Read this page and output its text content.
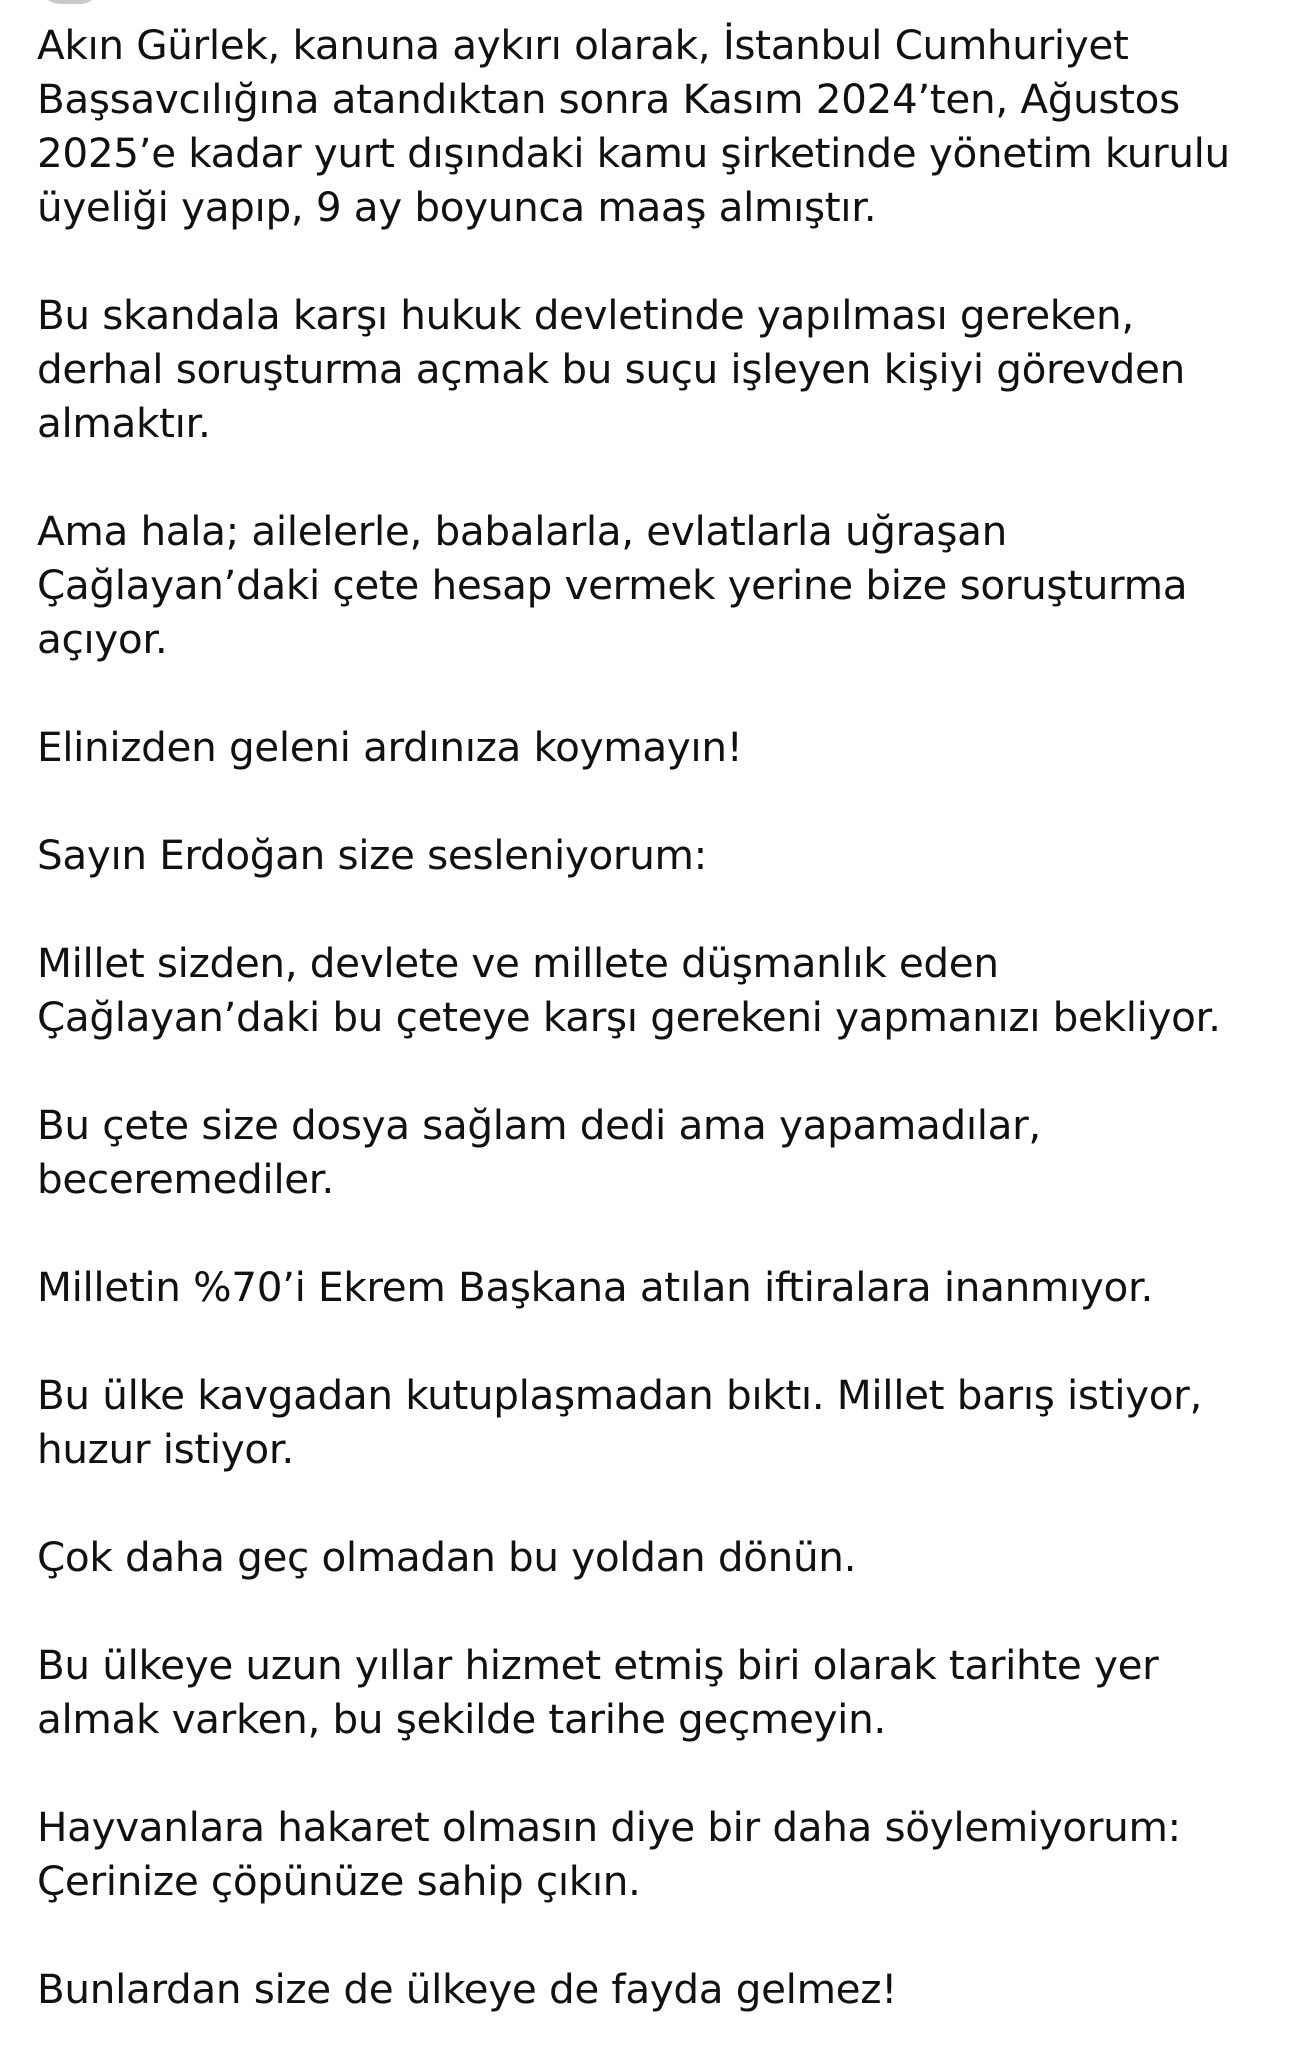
Akın Gürlek, kanuna aykırı olarak, İstanbul Cumhuriyet
Başsavcılığına atandıktan sonra Kasım 2024’ten, Ağustos
2025’e kadar yurt dışındaki kamu şirketinde yönetim kurulu
üyeliği yapıp, 9 ay boyunca maaş almıştır.

Bu skandala karşı hukuk devletinde yapılması gereken,
derhal soruşturma açmak bu suçu işleyen kişiyi görevden
almaktır.

Ama hala; ailelerle, babalarla, evlatlarla uğraşan
Çağlayan’daki çete hesap vermek yerine bize soruşturma
açıyor.

Elinizden geleni ardınıza koymayın!

Sayın Erdoğan size sesleniyorum:

Millet sizden, devlete ve millete düşmanlık eden
Çağlayan’daki bu çeteye karşı gerekeni yapmanızı bekliyor.

Bu çete size dosya sağlam dedi ama yapamadılar,
beceremediler.

Milletin %70’i Ekrem Başkana atılan iftiralara inanmıyor.

Bu ülke kavgadan kutuplaşmadan bıktı. Millet barış istiyor,
huzur istiyor.

Çok daha geç olmadan bu yoldan dönün.

Bu ülkeye uzun yıllar hizmet etmiş biri olarak tarihte yer
almak varken, bu şekilde tarihe geçmeyin.

Hayvanlara hakaret olmasın diye bir daha söylemiyorum:
Çerinize çöpünüze sahip çıkın.

Bunlardan size de ülkeye de fayda gelmez!
